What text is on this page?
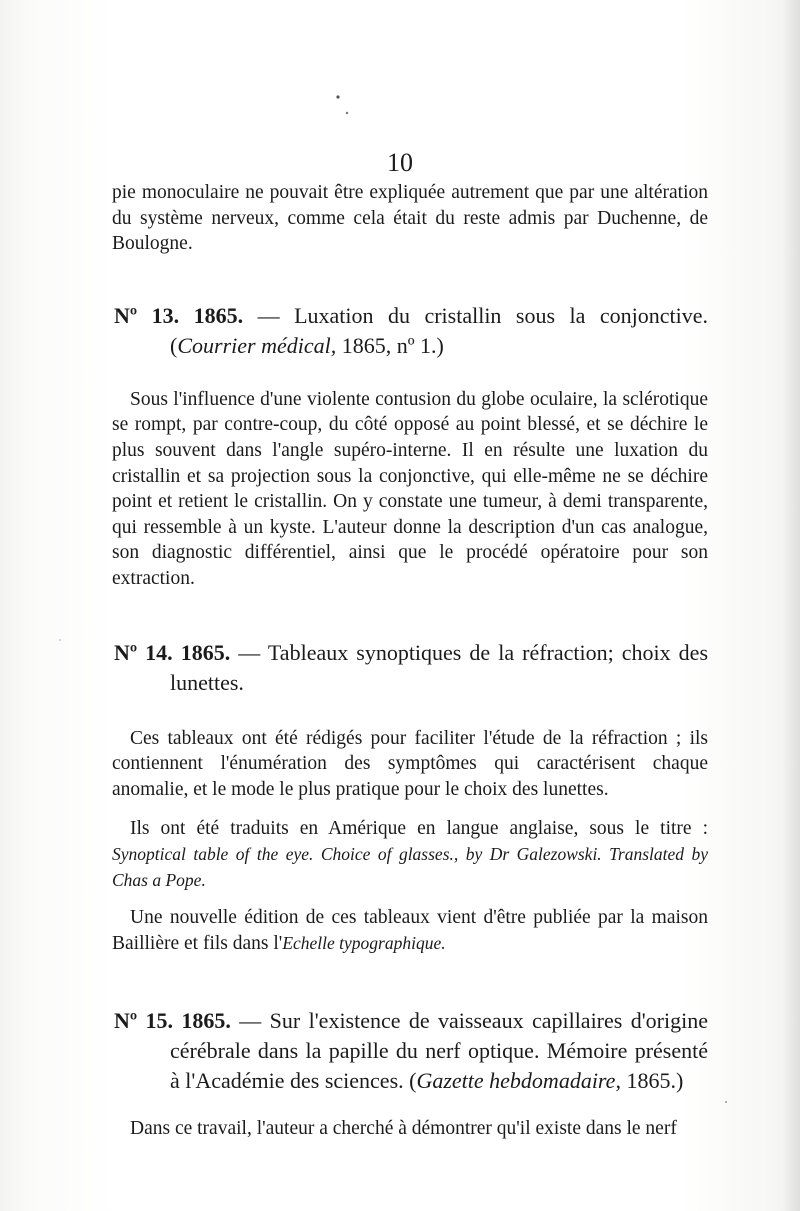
10

pie monoculaire ne pouvait être expliquée autrement que par une altération du système nerveux, comme cela était du reste admis par Duchenne, de Boulogne.

Nº 13. 1865. — Luxation du cristallin sous la conjonctive. (Courrier médical, 1865, nº 1.)

Sous l'influence d'une violente contusion du globe oculaire, la sclérotique se rompt, par contre-coup, du côté opposé au point blessé, et se déchire le plus souvent dans l'angle supéro-interne. Il en résulte une luxation du cristallin et sa projection sous la conjonctive, qui elle-même ne se déchire point et retient le cristallin. On y constate une tumeur, à demi transparente, qui ressemble à un kyste. L'auteur donne la description d'un cas analogue, son diagnostic différentiel, ainsi que le procédé opératoire pour son extraction.

Nº 14. 1865. — Tableaux synoptiques de la réfraction; choix des lunettes.

Ces tableaux ont été rédigés pour faciliter l'étude de la réfraction ; ils contiennent l'énumération des symptômes qui caractérisent chaque anomalie, et le mode le plus pratique pour le choix des lunettes.

Ils ont été traduits en Amérique en langue anglaise, sous le titre : Synoptical table of the eye. Choice of glasses., by Dr Galezowski. Translated by Chas a Pope.

Une nouvelle édition de ces tableaux vient d'être publiée par la maison Baillière et fils dans l'Echelle typographique.

Nº 15. 1865. — Sur l'existence de vaisseaux capillaires d'origine cérébrale dans la papille du nerf optique. Mémoire présenté à l'Académie des sciences. (Gazette hebdomadaire, 1865.)

Dans ce travail, l'auteur a cherché à démontrer qu'il existe dans le nerf
